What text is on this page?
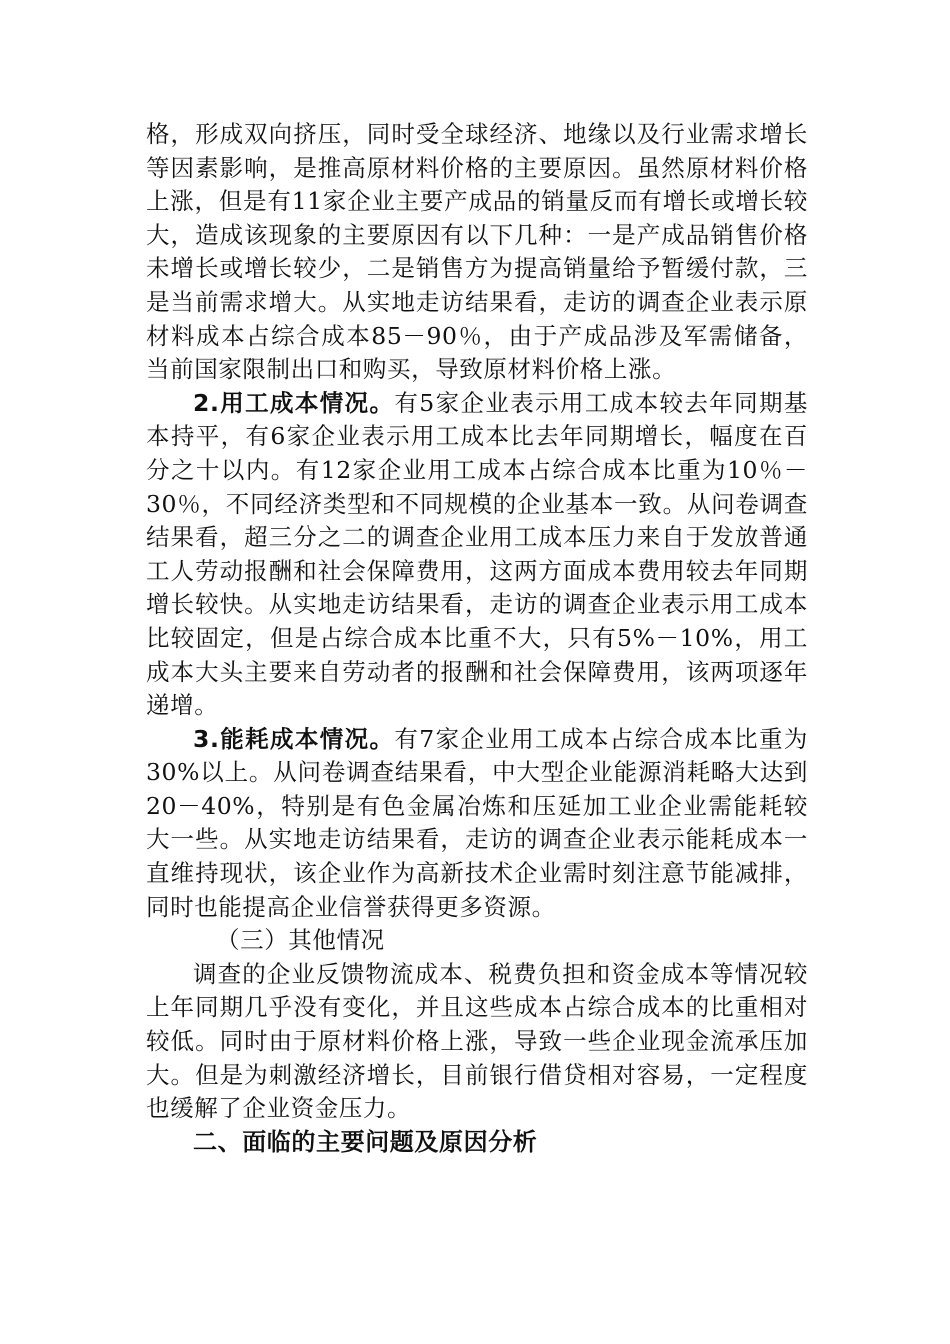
格，形成双向挤压，同时受全球经济、地缘以及行业需求增长等因素影响，是推高原材料价格的主要原因。虽然原材料价格上涨，但是有11家企业主要产成品的销量反而有增长或增长较大，造成该现象的主要原因有以下几种：一是产成品销售价格未增长或增长较少，二是销售方为提高销量给予暂缓付款，三是当前需求增大。从实地走访结果看，走访的调查企业表示原材料成本占综合成本85－90％，由于产成品涉及军需储备，当前国家限制出口和购买，导致原材料价格上涨。

2.用工成本情况。有5家企业表示用工成本较去年同期基本持平，有6家企业表示用工成本比去年同期增长，幅度在百分之十以内。有12家企业用工成本占综合成本比重为10％－30％，不同经济类型和不同规模的企业基本一致。从问卷调查结果看，超三分之二的调查企业用工成本压力来自于发放普通工人劳动报酬和社会保障费用，这两方面成本费用较去年同期增长较快。从实地走访结果看，走访的调查企业表示用工成本比较固定，但是占综合成本比重不大，只有5%－10%，用工成本大头主要来自劳动者的报酬和社会保障费用，该两项逐年递增。

3.能耗成本情况。有7家企业用工成本占综合成本比重为30%以上。从问卷调查结果看，中大型企业能源消耗略大达到20－40%，特别是有色金属冶炼和压延加工业企业需能耗较大一些。从实地走访结果看，走访的调查企业表示能耗成本一直维持现状，该企业作为高新技术企业需时刻注意节能减排，同时也能提高企业信誉获得更多资源。

（三）其他情况

调查的企业反馈物流成本、税费负担和资金成本等情况较上年同期几乎没有变化，并且这些成本占综合成本的比重相对较低。同时由于原材料价格上涨，导致一些企业现金流承压加大。但是为刺激经济增长，目前银行借贷相对容易，一定程度也缓解了企业资金压力。

二、面临的主要问题及原因分析
